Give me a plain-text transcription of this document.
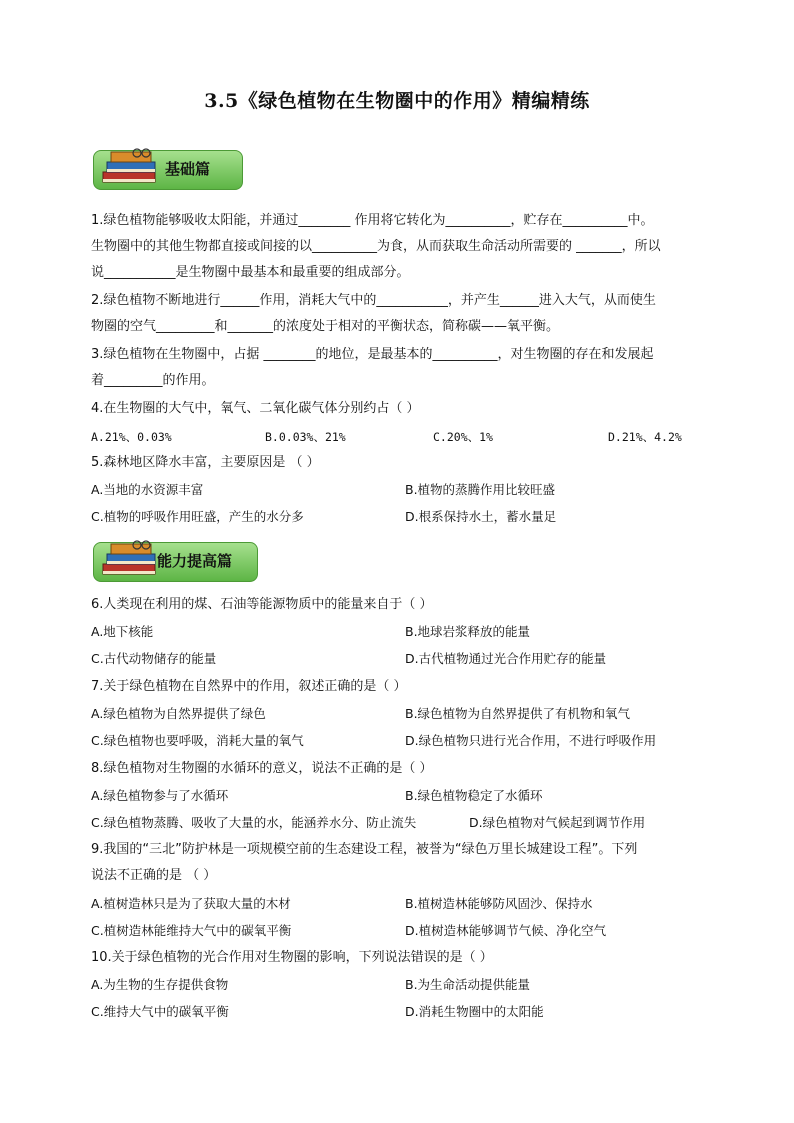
3.5《绿色植物在生物圈中的作用》精编精练
基础篇
1.绿色植物能够吸收太阳能，并通过________ 作用将它转化为__________，贮存在__________中。
生物圈中的其他生物都直接或间接的以__________为食，从而获取生命活动所需要的 _______，所以
说___________是生物圈中最基本和最重要的组成部分。
2.绿色植物不断地进行______作用，消耗大气中的___________，并产生______进入大气，从而使生
物圈的空气_________和_______的浓度处于相对的平衡状态，简称碳——氧平衡。
3.绿色植物在生物圈中，占据 ________的地位，是最基本的__________，对生物圈的存在和发展起
着_________的作用。
4.在生物圈的大气中，氧气、二氧化碳气体分别约占（ ）
A.21%、0.03%	B.0.03%、21%	C.20%、1%	D.21%、4.2%
5.森林地区降水丰富，主要原因是 （ ）
A.当地的水资源丰富	B.植物的蒸腾作用比较旺盛
C.植物的呼吸作用旺盛，产生的水分多	D.根系保持水土，蓄水量足
能力提高篇
6.人类现在利用的煤、石油等能源物质中的能量来自于（ ）
A.地下核能	B.地球岩浆释放的能量
C.古代动物储存的能量	D.古代植物通过光合作用贮存的能量
7.关于绿色植物在自然界中的作用，叙述正确的是（ ）
A.绿色植物为自然界提供了绿色	B.绿色植物为自然界提供了有机物和氧气
C.绿色植物也要呼吸，消耗大量的氧气	D.绿色植物只进行光合作用，不进行呼吸作用
8.绿色植物对生物圈的水循环的意义，说法不正确的是（ ）
A.绿色植物参与了水循环	B.绿色植物稳定了水循环
C.绿色植物蒸腾、吸收了大量的水，能涵养水分、防止流失	D.绿色植物对气候起到调节作用
9.我国的“三北”防护林是一项规模空前的生态建设工程，被誉为“绿色万里长城建设工程”。下列
说法不正确的是 （ ）
A.植树造林只是为了获取大量的木材	B.植树造林能够防风固沙、保持水
C.植树造林能维持大气中的碳氧平衡	D.植树造林能够调节气候、净化空气
10.关于绿色植物的光合作用对生物圈的影响，下列说法错误的是（ ）
A.为生物的生存提供食物	B.为生命活动提供能量
C.维持大气中的碳氧平衡	D.消耗生物圈中的太阳能
